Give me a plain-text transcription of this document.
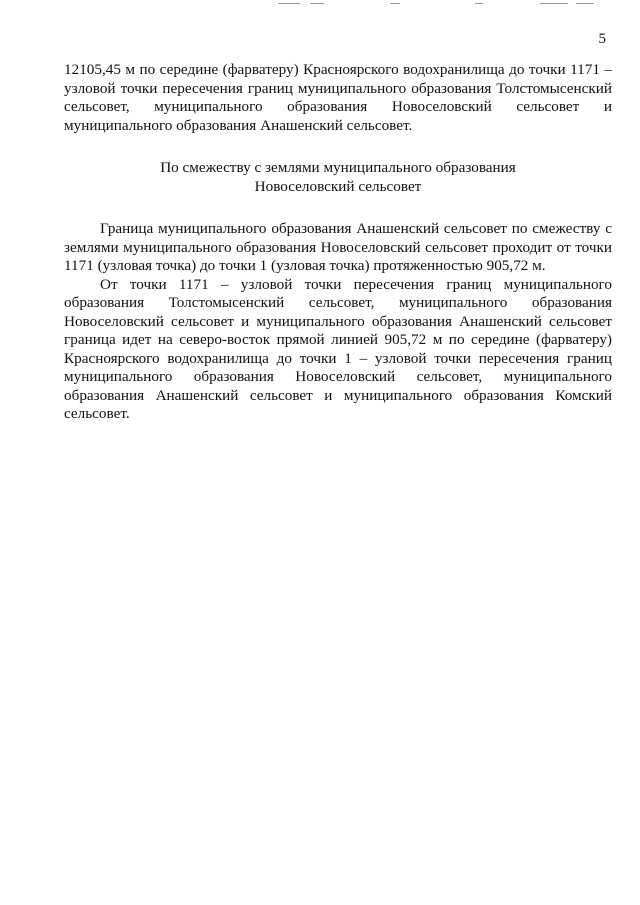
5

12105,45 м по середине (фарватеру) Красноярского водохранилища до точки 1171 – узловой точки пересечения границ муниципального образования Толстомысенский сельсовет, муниципального образования Новоселовский сельсовет и муниципального образования Анашенский сельсовет.

По смежеству с землями муниципального образования
Новоселовский сельсовет

Граница муниципального образования Анашенский сельсовет по смежеству с землями муниципального образования Новоселовский сельсовет проходит от точки 1171 (узловая точка) до точки 1 (узловая точка) протяженностью 905,72 м.

От точки 1171 – узловой точки пересечения границ муниципального образования Толстомысенский сельсовет, муниципального образования Новоселовский сельсовет и муниципального образования Анашенский сельсовет граница идет на северо-восток прямой линией 905,72 м по середине (фарватеру) Красноярского водохранилища до точки 1 – узловой точки пересечения границ муниципального образования Новоселовский сельсовет, муниципального образования Анашенский сельсовет и муниципального образования Комский сельсовет.
